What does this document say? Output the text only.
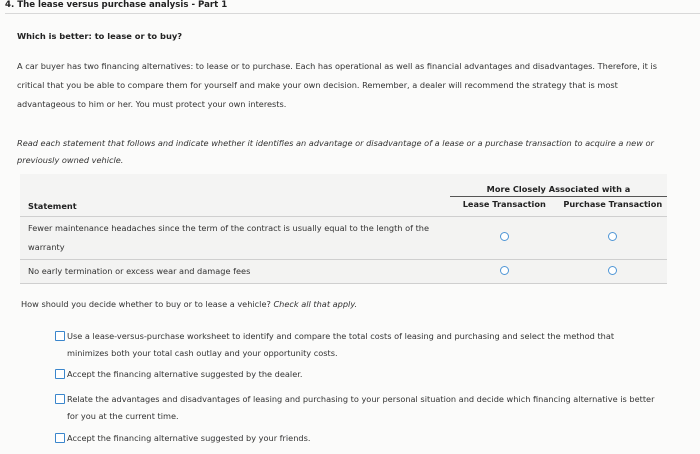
4. The lease versus purchase analysis - Part 1
Which is better: to lease or to buy?
A car buyer has two financing alternatives: to lease or to purchase. Each has operational as well as financial advantages and disadvantages. Therefore, it is critical that you be able to compare them for yourself and make your own decision. Remember, a dealer will recommend the strategy that is most advantageous to him or her. You must protect your own interests.
Read each statement that follows and indicate whether it identifies an advantage or disadvantage of a lease or a purchase transaction to acquire a new or previously owned vehicle.
Statement	More Closely Associated with a
Lease Transaction Purchase Transaction
Fewer maintenance headaches since the term of the contract is usually equal to the length of the warranty	

No early termination or excess wear and damage fees	
How should you decide whether to buy or to lease a vehicle? Check all that apply.
Use a lease-versus-purchase worksheet to identify and compare the total costs of leasing and purchasing and select the method that minimizes both your total cash outlay and your opportunity costs.
Accept the financing alternative suggested by the dealer.
Relate the advantages and disadvantages of leasing and purchasing to your personal situation and decide which financing alternative is better for you at the current time.
Accept the financing alternative suggested by your friends.
